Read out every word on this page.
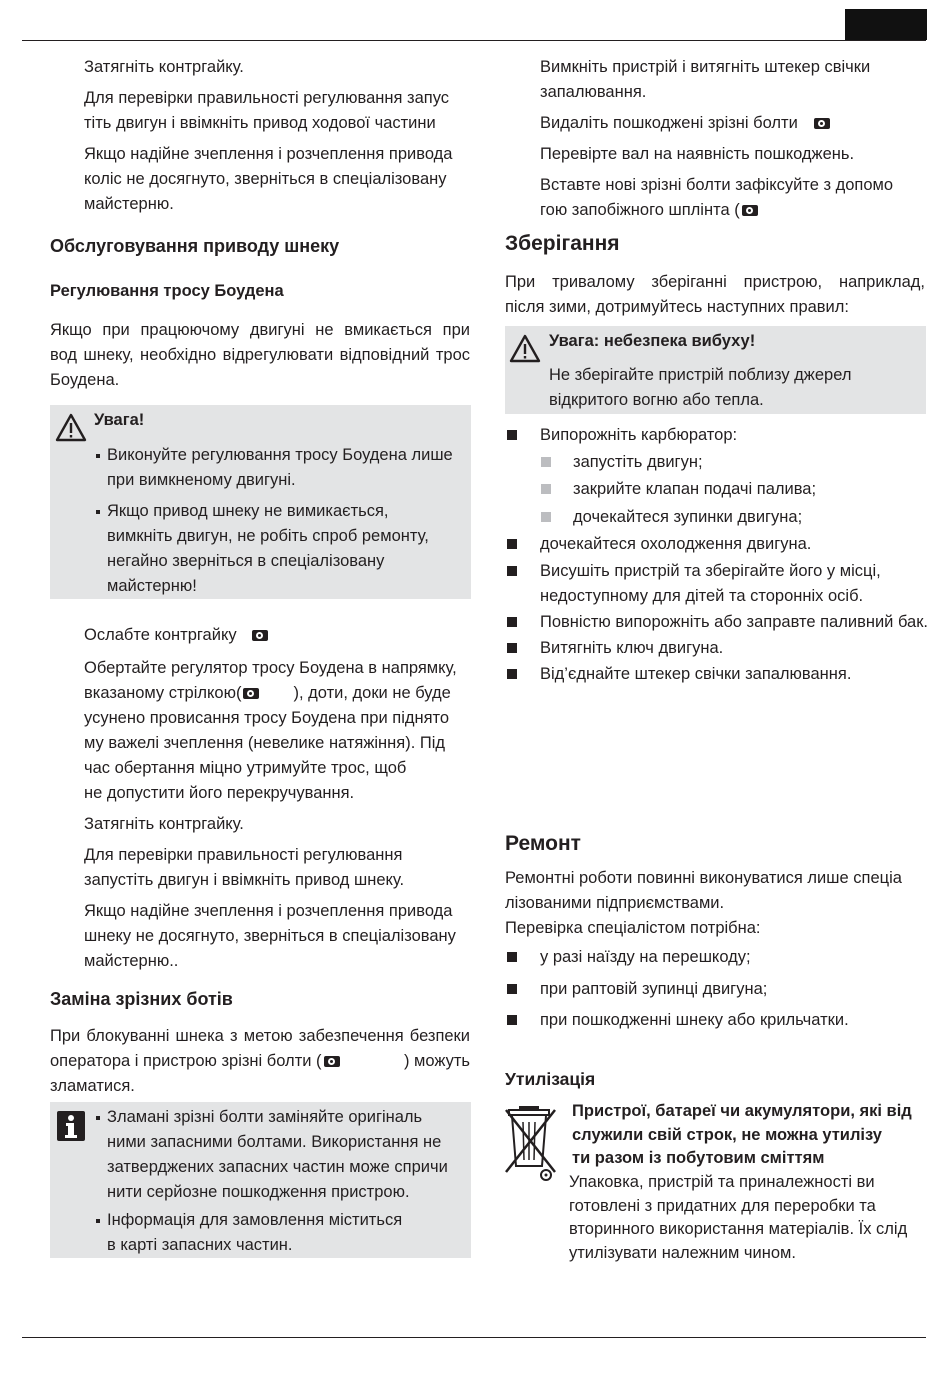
Затягніть контргайку.
Для перевірки правильності регулювання запус
тіть двигун і ввімкніть привод ходової частини
Якщо надійне зчеплення і розчеплення привода
коліс не досягнуто, зверніться в спеціалізовану
майстерню.
Обслуговування приводу шнеку
Регулювання тросу Боудена
Якщо при працюючому двигуні не вмикається при
вод шнеку, необхідно відрегулювати відповідний трос
Боудена.
Увага!
Виконуйте регулювання тросу Боудена лише
при вимкненому двигуні.
Якщо привод шнеку не вимикається,
вимкніть двигун, не робіть спроб ремонту,
негайно зверніться в спеціалізовану
майстерню!
Ослабте контргайку
Обертайте регулятор тросу Боудена в напрямку,
вказаному стрілкою(	), доти, доки не буде
усунено провисання тросу Боудена при піднято
му важелі зчеплення (невелике натяжіння). Під
час обертання міцно утримуйте трос, щоб
не допустити його перекручування.
Затягніть контргайку.
Для перевірки правильності регулювання
запустіть двигун і ввімкніть привод шнеку.
Якщо надійне зчеплення і розчеплення привода
шнеку не досягнуто, зверніться в спеціалізовану
майстерню..
Заміна зрізних ботів
При блокуванні шнека з метою забезпечення безпеки
оператора і пристрою зрізні болти (	) можуть
зламатися.
Зламані зрізні болти заміняйте оригіналь
ними запасними болтами. Використання не
затверджених запасних частин може спричи
нити серйозне пошкодження пристрою.
Інформація для замовлення міститься
в карті запасних частин.
Вимкніть пристрій і витягніть штекер свічки
запалювання.
Видаліть пошкоджені зрізні болти
Перевірте вал на наявність пошкоджень.
Вставте нові зрізні болти зафіксуйте з допомо
гою запобіжного шплінта (
Зберігання
При тривалому зберіганні пристрою, наприклад,
після зими, дотримуйтесь наступних правил:
Увага: небезпека вибуху!
Не зберігайте пристрій поблизу джерел
відкритого вогню або тепла.
Випорожніть карбюратор:
запустіть двигун;
закрийте клапан подачі палива;
дочекайтеся зупинки двигуна;
дочекайтеся охолодження двигуна.
Висушіть пристрій та зберігайте його у місці,
недоступному для дітей та сторонніх осіб.
Повністю випорожніть або заправте паливний бак.
Витягніть ключ двигуна.
Від’єднайте штекер свічки запалювання.
Ремонт
Ремонтні роботи повинні виконуватися лише спеціа
лізованими підприємствами.
Перевірка спеціалістом потрібна:
у разі наїзду на перешкоду;
при раптовій зупинці двигуна;
при пошкодженні шнеку або крильчатки.
Утилізація
Пристрої, батареї чи акумулятори, які від
служили свій строк, не можна утилізу
ти разом із побутовим сміттям
Упаковка, пристрій та приналежності ви
готовлені з придатних для переробки та
вторинного використання матеріалів. Їх слід
утилізувати належним чином.
